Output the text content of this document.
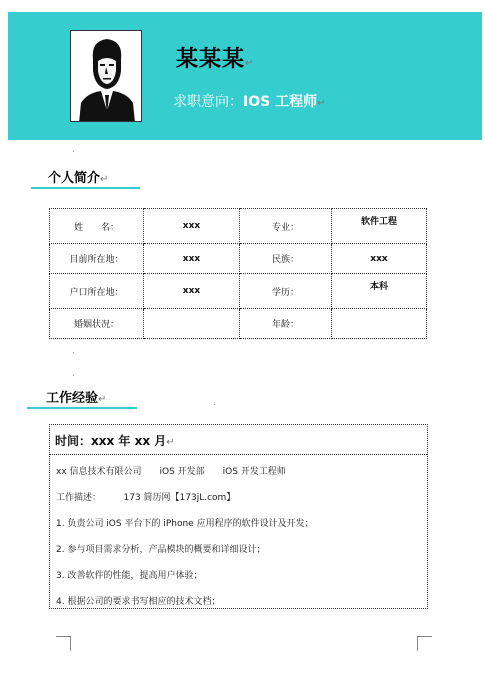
某某某↵
求职意向：IOS 工程师↵
.
个人简介↵
姓　　名：	xxx	专业：	软件工程
目前所在地：	xxx	民族：	xxx
户口所在地：	xxx	学历：	本科
婚姻状况：		年龄：	
.
.
工作经验↵	.
时间：xxx 年 xx 月↵
xx 信息技术有限公司　　iOS 开发部　　iOS 开发工程师
工作描述：　　　173 简历网【173jL.com】
1. 负责公司 iOS 平台下的 iPhone 应用程序的软件设计及开发；
2. 参与项目需求分析，产品模块的概要和详细设计；
3. 改善软件的性能，提高用户体验；
4. 根据公司的要求书写相应的技术文档；
